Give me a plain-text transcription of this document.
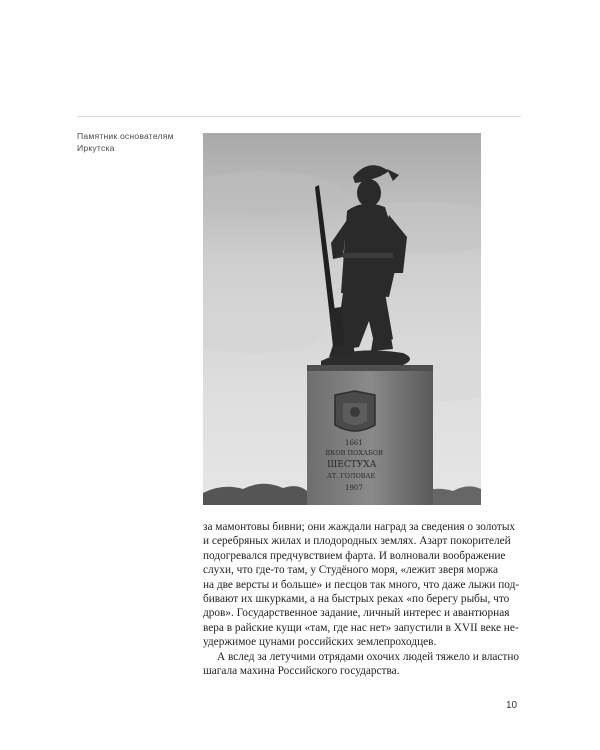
Памятник основателям
Иркутска
1661
ЯКОВ ПОХАБОВ
ШЕСТУХА
АТ. ГОЛОВАЕ
1907

за мамонтовы бивни; они жаждали наград за сведения о золотых
и серебряных жилах и плодородных землях. Азарт покорителей
подогревался предчувствием фарта. И волновали воображение
слухи, что где-то там, у Студёного моря, «лежит зверя моржа
на две версты и больше» и песцов так много, что даже лыжи под-
бивают их шкурками, а на быстрых реках «по берегу рыбы, что
дров». Государственное задание, личный интерес и авантюрная
вера в райские кущи «там, где нас нет» запустили в XVII веке не-
удержимое цунами российских землепроходцев.

А вслед за летучими отрядами охочих людей тяжело и властно
шагала махина Российского государства.

10
